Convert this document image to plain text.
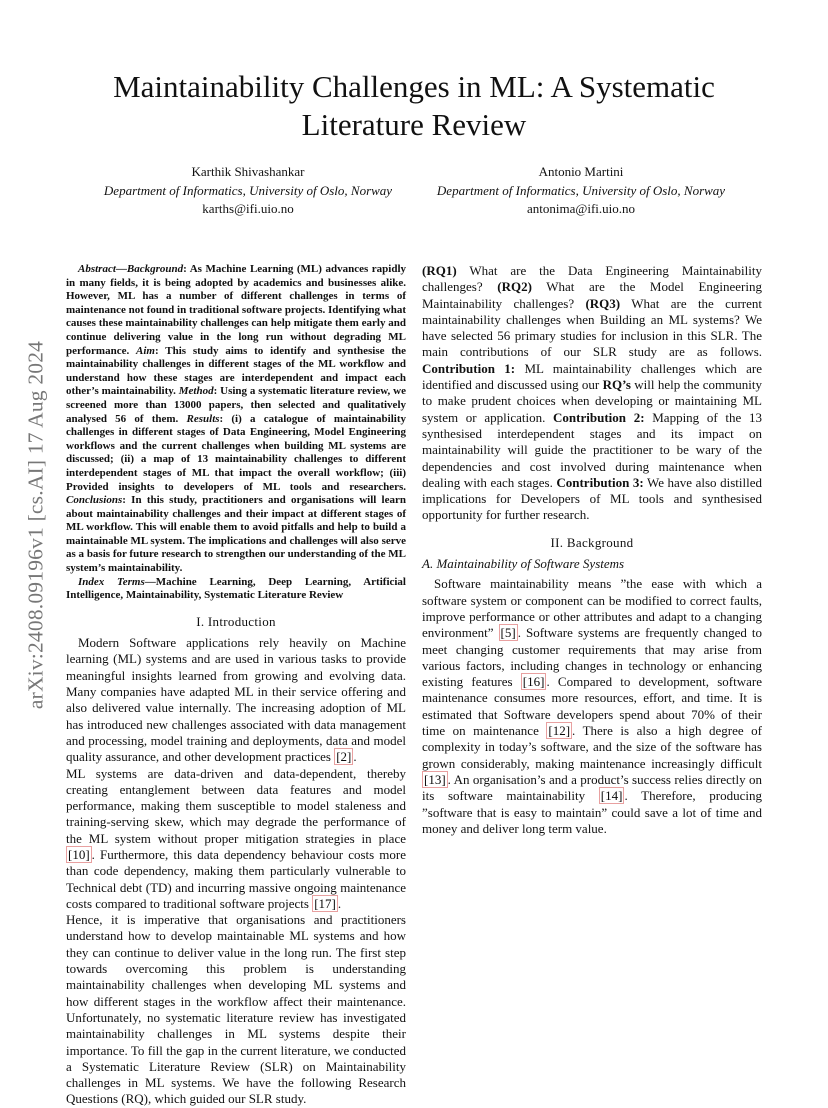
arXiv:2408.09196v1 [cs.AI] 17 Aug 2024
Maintainability Challenges in ML: A Systematic
Literature Review
Karthik Shivashankar
Department of Informatics, University of Oslo, Norway
karths@ifi.uio.no
Antonio Martini
Department of Informatics, University of Oslo, Norway
antonima@ifi.uio.no

Abstract—Background: As Machine Learning (ML) advances rapidly in many fields, it is being adopted by academics and businesses alike. However, ML has a number of different challenges in terms of maintenance not found in traditional software projects. Identifying what causes these maintainability challenges can help mitigate them early and continue delivering value in the long run without degrading ML performance. Aim: This study aims to identify and synthesise the maintainability challenges in different stages of the ML workflow and understand how these stages are interdependent and impact each other’s maintainability. Method: Using a systematic literature review, we screened more than 13000 papers, then selected and qualitatively analysed 56 of them. Results: (i) a catalogue of maintainability challenges in different stages of Data Engineering, Model Engineering workflows and the current challenges when building ML systems are discussed; (ii) a map of 13 maintainability challenges to different interdependent stages of ML that impact the overall workflow; (iii) Provided insights to developers of ML tools and researchers. Conclusions: In this study, practitioners and organisations will learn about maintainability challenges and their impact at different stages of ML workflow. This will enable them to avoid pitfalls and help to build a maintainable ML system. The implications and challenges will also serve as a basis for future research to strengthen our understanding of the ML system’s maintainability.

Index Terms—Machine Learning, Deep Learning, Artificial Intelligence, Maintainability, Systematic Literature Review

I. Introduction

Modern Software applications rely heavily on Machine learning (ML) systems and are used in various tasks to provide meaningful insights learned from growing and evolving data. Many companies have adapted ML in their service offering and also delivered value internally. The increasing adoption of ML has introduced new challenges associated with data management and processing, model training and deployments, data and model quality assurance, and other development practices [2] .

ML systems are data-driven and data-dependent, thereby creating entanglement between data features and model performance, making them susceptible to model staleness and training-serving skew, which may degrade the performance of the ML system without proper mitigation strategies in place [10] . Furthermore, this data dependency behaviour costs more than code dependency, making them particularly vulnerable to Technical debt (TD) and incurring massive ongoing maintenance costs compared to traditional software projects [17] .

Hence, it is imperative that organisations and practitioners understand how to develop maintainable ML systems and how they can continue to deliver value in the long run. The first step towards overcoming this problem is understanding maintainability challenges when developing ML systems and how different stages in the workflow affect their maintenance. Unfortunately, no systematic literature review has investigated maintainability challenges in ML systems despite their importance. To fill the gap in the current literature, we conducted a Systematic Literature Review (SLR) on Maintainability challenges in ML systems. We have the following Research Questions (RQ), which guided our SLR study.

(RQ1) What are the Data Engineering Maintainability challenges? (RQ2) What are the Model Engineering Maintainability challenges? (RQ3) What are the current maintainability challenges when Building an ML systems? We have selected 56 primary studies for inclusion in this SLR. The main contributions of our SLR study are as follows. Contribution 1: ML maintainability challenges which are identified and discussed using our RQ’s will help the community to make prudent choices when developing or maintaining ML system or application. Contribution 2: Mapping of the 13 synthesised interdependent stages and its impact on maintainability will guide the practitioner to be wary of the dependencies and cost involved during maintenance when dealing with each stages. Contribution 3: We have also distilled implications for Developers of ML tools and synthesised opportunity for further research.

II. Background
A. Maintainability of Software Systems

Software maintainability means ”the ease with which a software system or component can be modified to correct faults, improve performance or other attributes and adapt to a changing environment” [5] . Software systems are frequently changed to meet changing customer requirements that may arise from various factors, including changes in technology or enhancing existing features [16] . Compared to development, software maintenance consumes more resources, effort, and time. It is estimated that Software developers spend about 70% of their time on maintenance [12] . There is also a high degree of complexity in today’s software, and the size of the software has grown considerably, making maintenance increasingly difficult [13] . An organisation’s and a product’s success relies directly on its software maintainability [14] . Therefore, producing ”software that is easy to maintain” could save a lot of time and money and deliver long term value.
